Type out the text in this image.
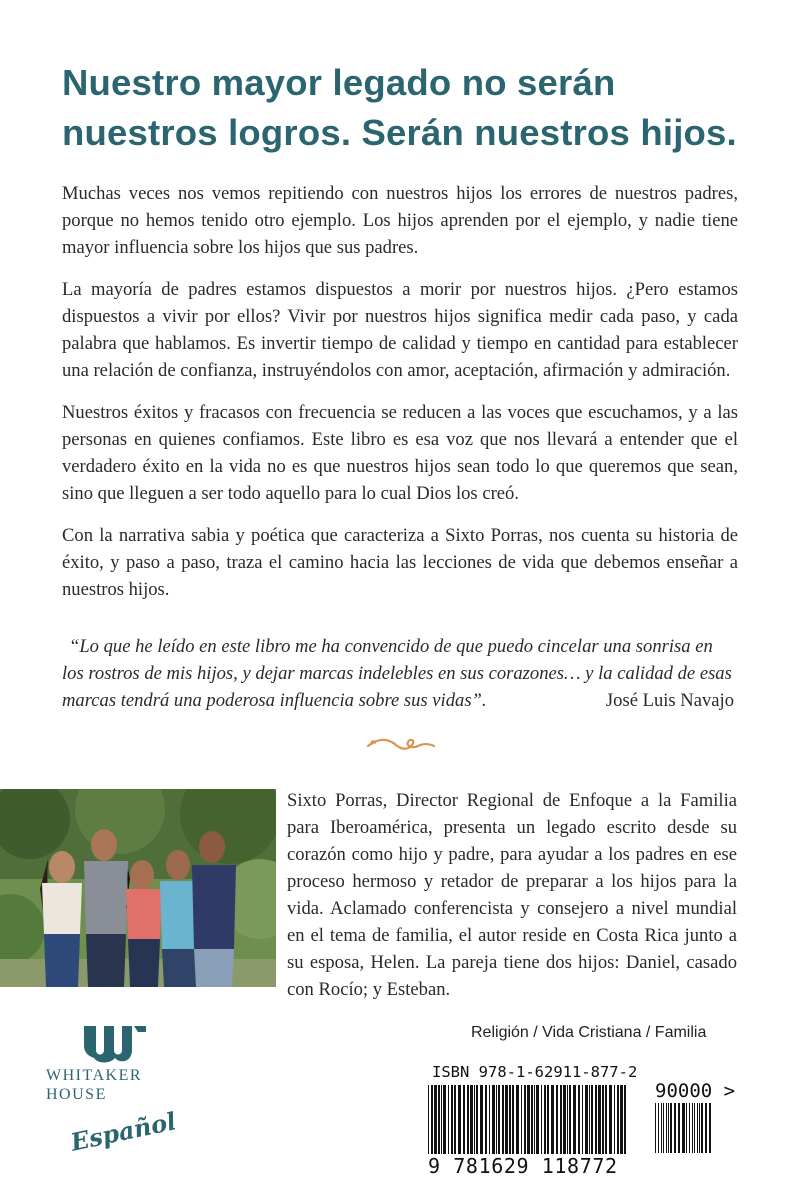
Nuestro mayor legado no serán
nuestros logros. Serán nuestros hijos.

Muchas veces nos vemos repitiendo con nuestros hijos los errores de nuestros padres, porque no hemos tenido otro ejemplo. Los hijos aprenden por el ejemplo, y nadie tiene mayor influencia sobre los hijos que sus padres.

La mayoría de padres estamos dispuestos a morir por nuestros hijos. ¿Pero estamos dispuestos a vivir por ellos? Vivir por nuestros hijos significa medir cada paso, y cada palabra que hablamos. Es invertir tiempo de calidad y tiempo en cantidad para establecer una relación de confianza, instruyéndolos con amor, aceptación, afirmación y admiración.

Nuestros éxitos y fracasos con frecuencia se reducen a las voces que escuchamos, y a las personas en quienes confiamos. Este libro es esa voz que nos llevará a entender que el verdadero éxito en la vida no es que nuestros hijos sean todo lo que queremos que sean, sino que lleguen a ser todo aquello para lo cual Dios los creó.

Con la narrativa sabia y poética que caracteriza a Sixto Porras, nos cuenta su historia de éxito, y paso a paso, traza el camino hacia las lecciones de vida que debemos enseñar a nuestros hijos.

“Lo que he leído en este libro me ha convencido de que puedo cincelar una sonrisa en los rostros de mis hijos, y dejar marcas indelebles en sus corazones… y la calidad de esas marcas tendrá una poderosa influencia sobre sus vidas”.	José Luis Navajo

Sixto Porras, Director Regional de Enfoque a la Familia para Iberoamérica, presenta un legado escrito desde su corazón como hijo y padre, para ayudar a los padres en ese proceso hermoso y retador de preparar a los hijos para la vida. Aclamado conferencista y consejero a nivel mundial en el tema de familia, el autor reside en Costa Rica junto a su esposa, Helen. La pareja tiene dos hijos: Daniel, casado con Rocío; y Esteban.

WHITAKER
HOUSE
Español
Religión / Vida Cristiana / Familia
ISBN 978-1-62911-877-2
9 781629 118772
90000 >
